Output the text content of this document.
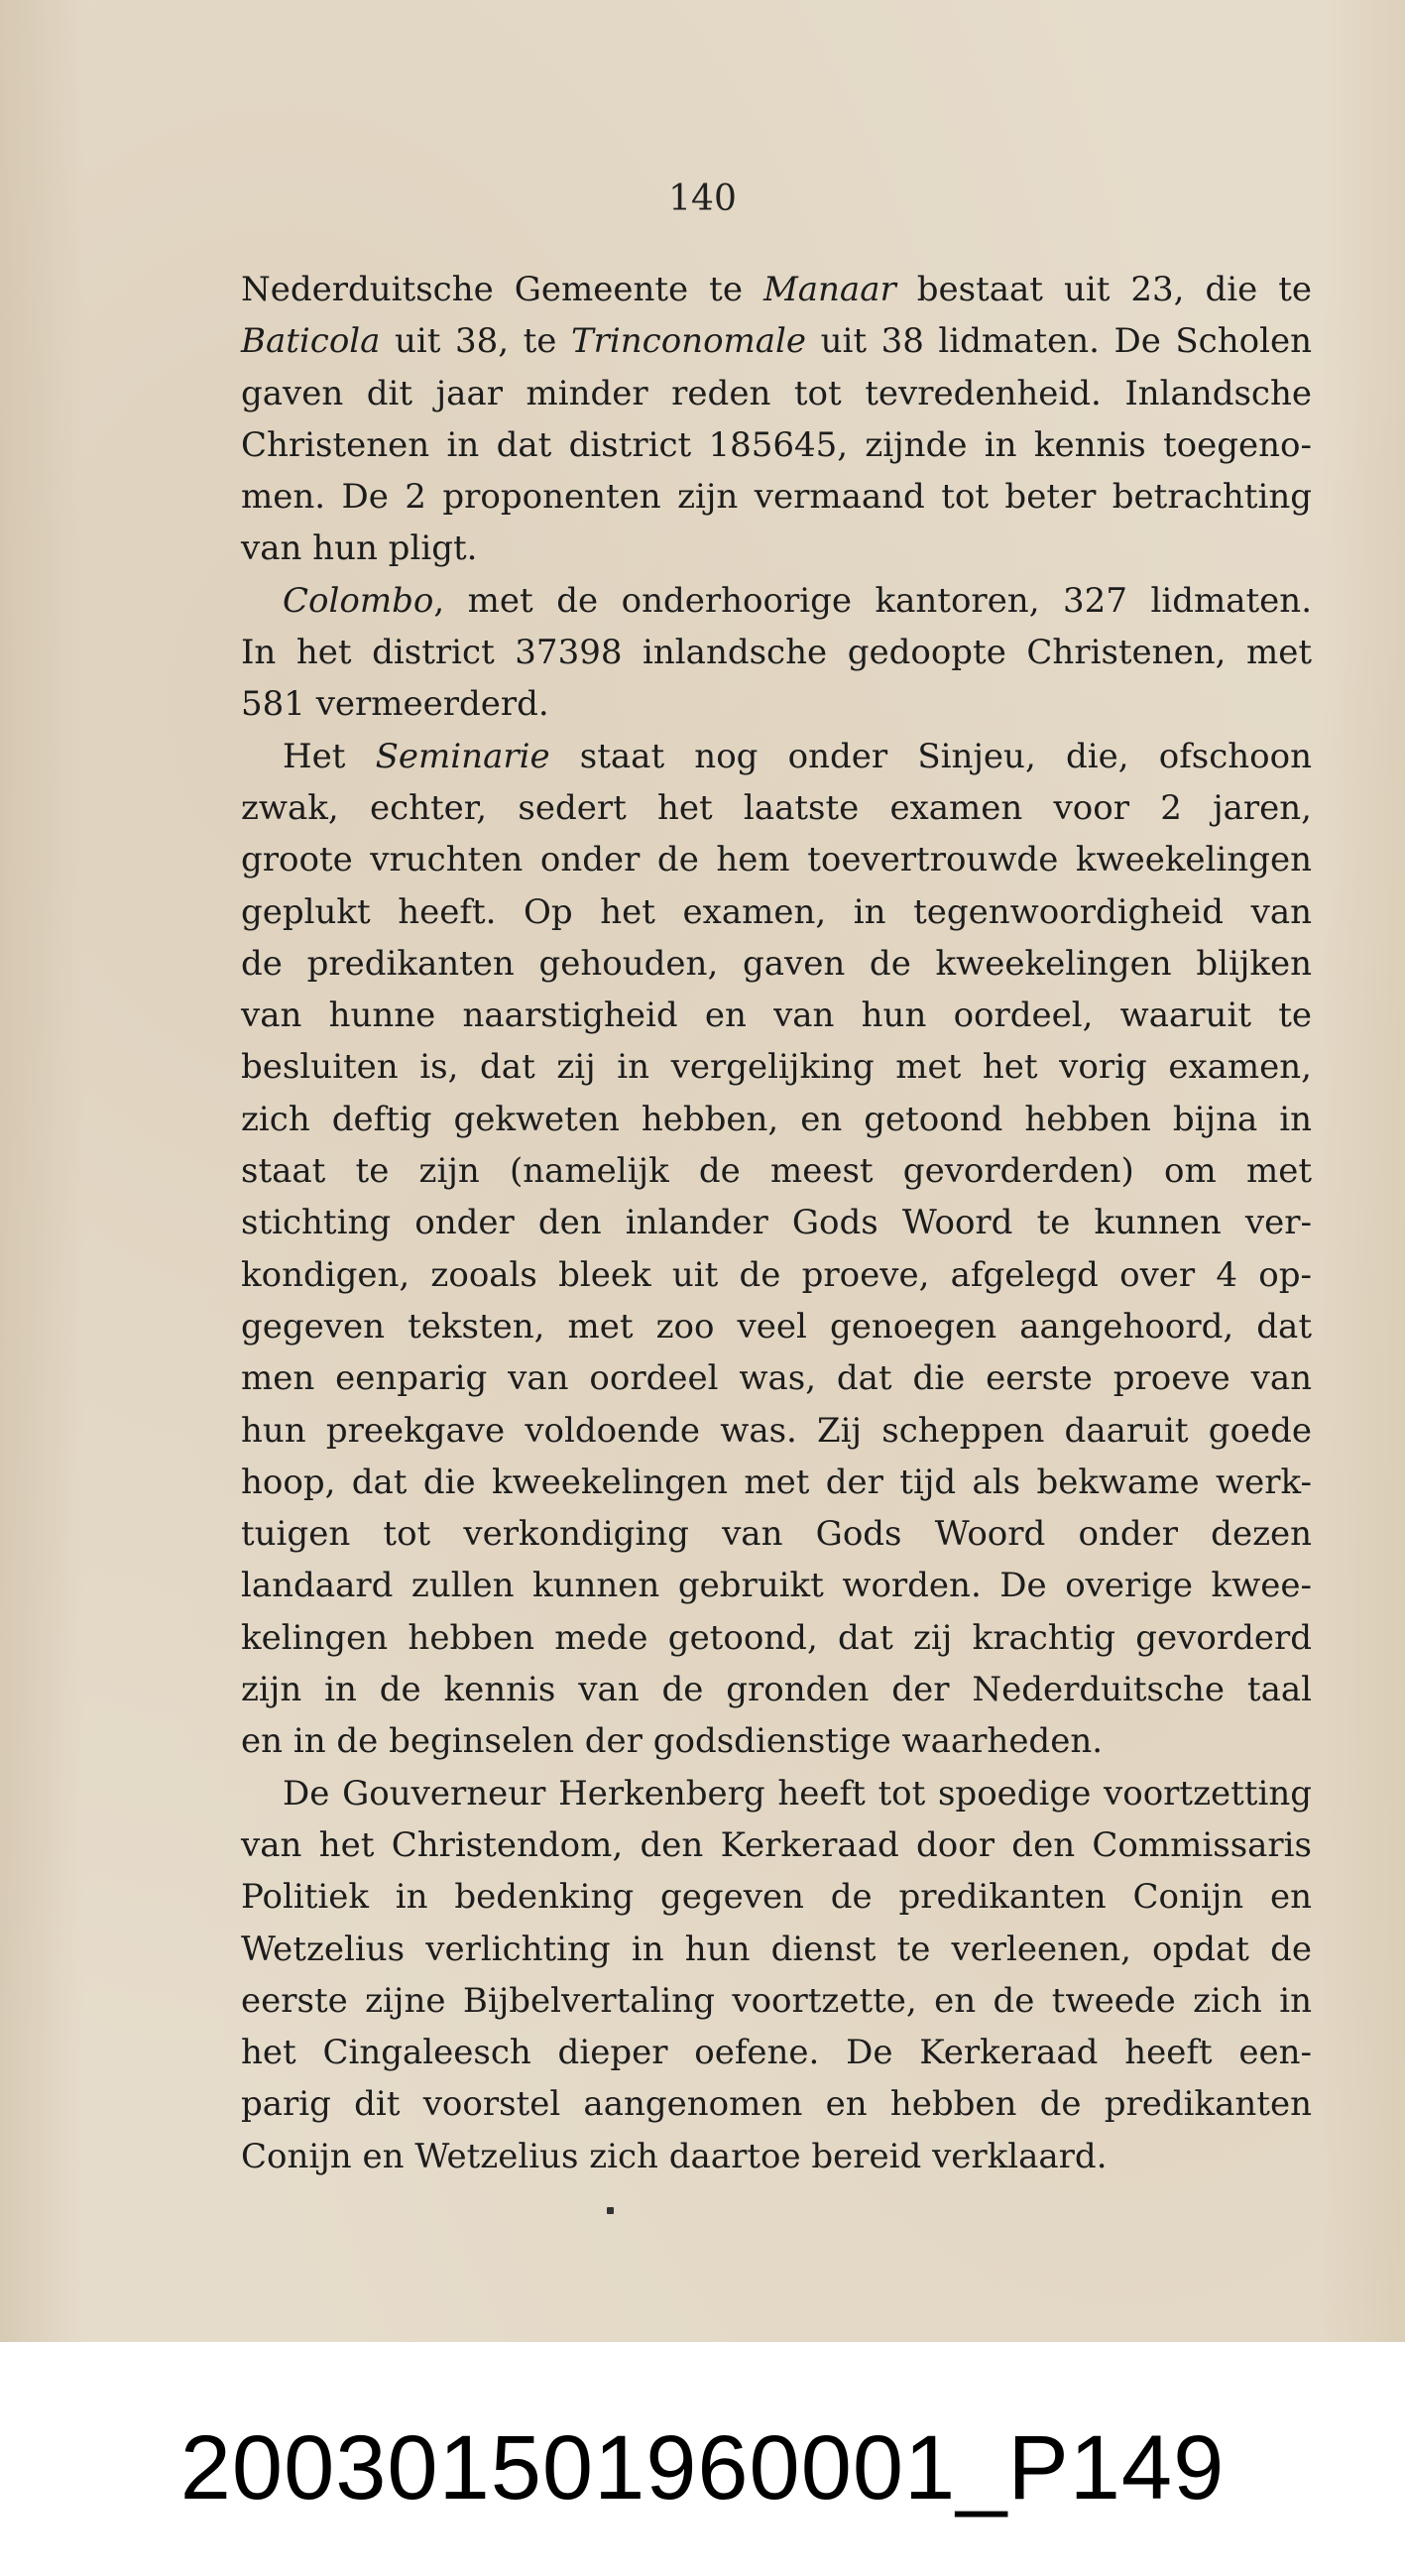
140
Nederduitsche Gemeente te Manaar bestaat uit 23, die te
Baticola uit 38, te Trinconomale uit 38 lidmaten. De Scholen
gaven dit jaar minder reden tot tevredenheid. Inlandsche
Christenen in dat district 185645, zijnde in kennis toegeno-
men. De 2 proponenten zijn vermaand tot beter betrachting
van hun pligt.
Colombo, met de onderhoorige kantoren, 327 lidmaten.
In het district 37398 inlandsche gedoopte Christenen, met
581 vermeerderd.
Het Seminarie staat nog onder Sinjeu, die, ofschoon
zwak, echter, sedert het laatste examen voor 2 jaren,
groote vruchten onder de hem toevertrouwde kweekelingen
geplukt heeft. Op het examen, in tegenwoordigheid van
de predikanten gehouden, gaven de kweekelingen blijken
van hunne naarstigheid en van hun oordeel, waaruit te
besluiten is, dat zij in vergelijking met het vorig examen,
zich deftig gekweten hebben, en getoond hebben bijna in
staat te zijn (namelijk de meest gevorderden) om met
stichting onder den inlander Gods Woord te kunnen ver-
kondigen, zooals bleek uit de proeve, afgelegd over 4 op-
gegeven teksten, met zoo veel genoegen aangehoord, dat
men eenparig van oordeel was, dat die eerste proeve van
hun preekgave voldoende was. Zij scheppen daaruit goede
hoop, dat die kweekelingen met der tijd als bekwame werk-
tuigen tot verkondiging van Gods Woord onder dezen
landaard zullen kunnen gebruikt worden. De overige kwee-
kelingen hebben mede getoond, dat zij krachtig gevorderd
zijn in de kennis van de gronden der Nederduitsche taal
en in de beginselen der godsdienstige waarheden.
De Gouverneur Herkenberg heeft tot spoedige voortzetting
van het Christendom, den Kerkeraad door den Commissaris
Politiek in bedenking gegeven de predikanten Conijn en
Wetzelius verlichting in hun dienst te verleenen, opdat de
eerste zijne Bijbelvertaling voortzette, en de tweede zich in
het Cingaleesch dieper oefene. De Kerkeraad heeft een-
parig dit voorstel aangenomen en hebben de predikanten
Conijn en Wetzelius zich daartoe bereid verklaard.
20030150196000‌1_P149
